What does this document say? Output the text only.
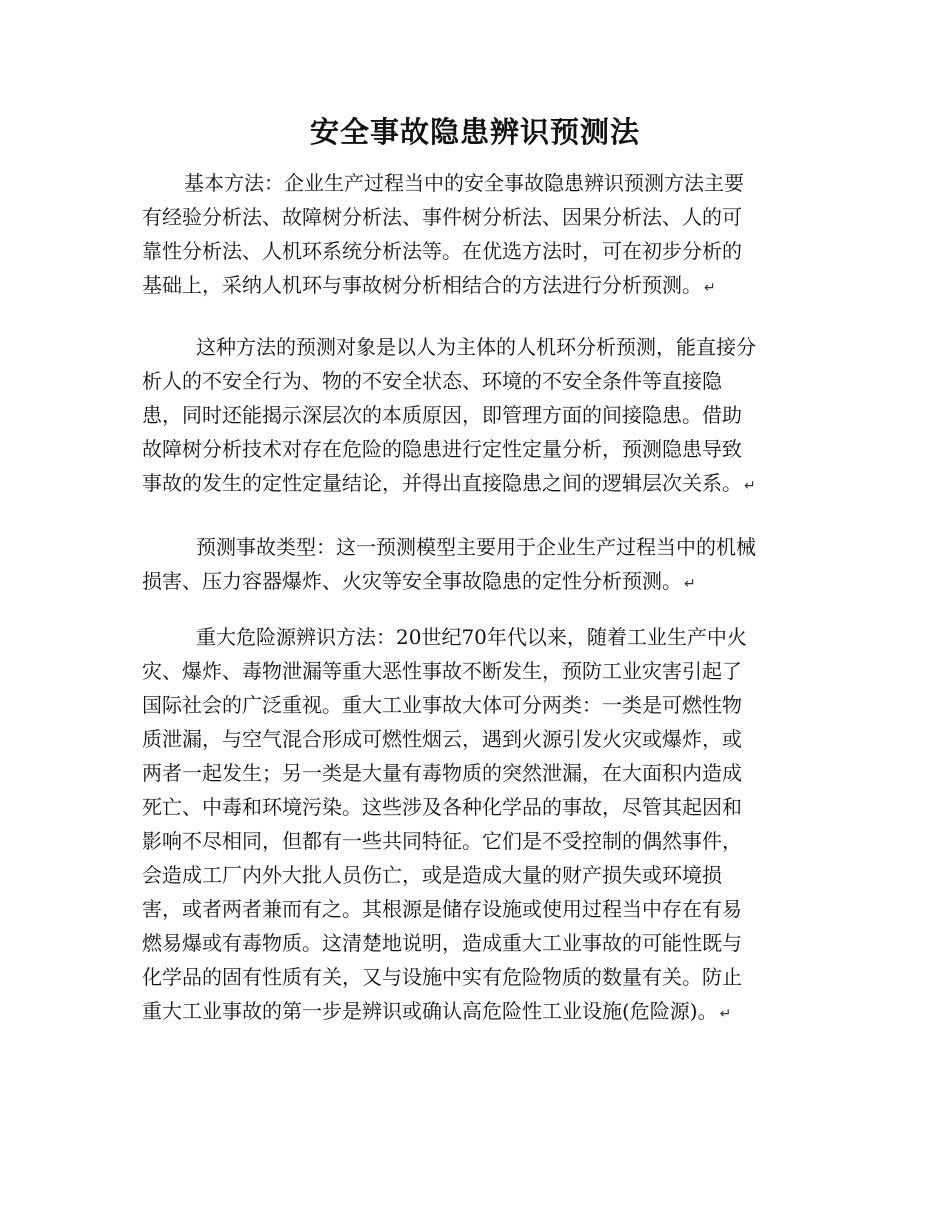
安全事故隐患辨识预测法
基本方法：企业生产过程当中的安全事故隐患辨识预测方法主要
有经验分析法、故障树分析法、事件树分析法、因果分析法、人的可
靠性分析法、人机环系统分析法等。在优选方法时，可在初步分析的
基础上，采纳人机环与事故树分析相结合的方法进行分析预测。 ↵
这种方法的预测对象是以人为主体的人机环分析预测，能直接分
析人的不安全行为、物的不安全状态、环境的不安全条件等直接隐
患，同时还能揭示深层次的本质原因，即管理方面的间接隐患。借助
故障树分析技术对存在危险的隐患进行定性定量分析，预测隐患导致
事故的发生的定性定量结论，并得出直接隐患之间的逻辑层次关系。 ↵
预测事故类型：这一预测模型主要用于企业生产过程当中的机械
损害、压力容器爆炸、火灾等安全事故隐患的定性分析预测。 ↵
重大危险源辨识方法：20世纪70年代以来，随着工业生产中火
灾、爆炸、毒物泄漏等重大恶性事故不断发生，预防工业灾害引起了
国际社会的广泛重视。重大工业事故大体可分两类：一类是可燃性物
质泄漏，与空气混合形成可燃性烟云，遇到火源引发火灾或爆炸，或
两者一起发生；另一类是大量有毒物质的突然泄漏，在大面积内造成
死亡、中毒和环境污染。这些涉及各种化学品的事故，尽管其起因和
影响不尽相同，但都有一些共同特征。它们是不受控制的偶然事件，
会造成工厂内外大批人员伤亡，或是造成大量的财产损失或环境损
害，或者两者兼而有之。其根源是储存设施或使用过程当中存在有易
燃易爆或有毒物质。这清楚地说明，造成重大工业事故的可能性既与
化学品的固有性质有关，又与设施中实有危险物质的数量有关。防止
重大工业事故的第一步是辨识或确认高危险性工业设施(危险源)。 ↵
